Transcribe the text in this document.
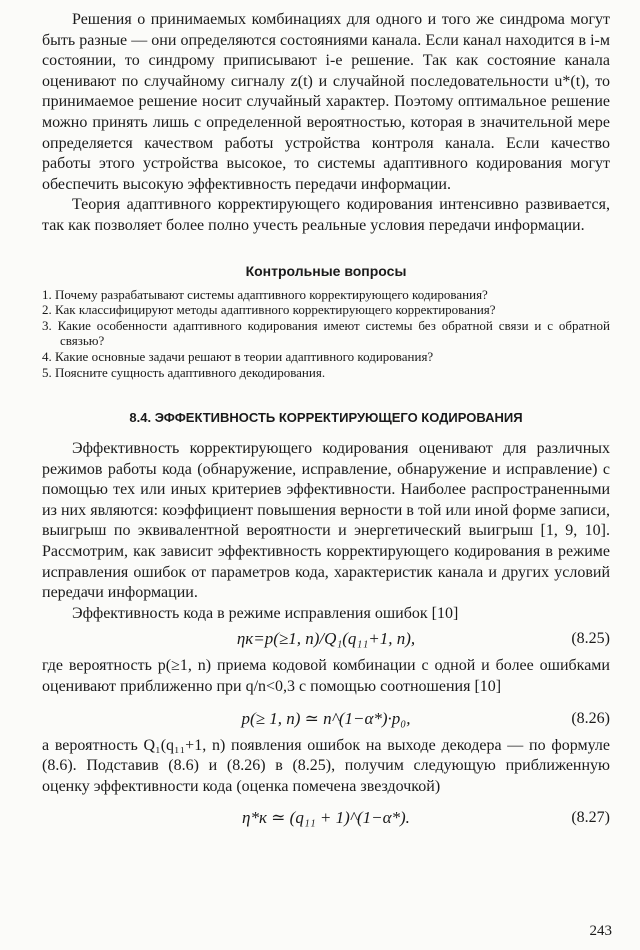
Решения о принимаемых комбинациях для одного и того же синдрома могут быть разные — они определяются состояниями канала. Если канал находится в i-м состоянии, то синдрому приписывают i-е решение. Так как состояние канала оценивают по случайному сигналу z(t) и случайной последовательности u*(t), то принимаемое решение носит случайный характер. Поэтому оптимальное решение можно принять лишь с определенной вероятностью, которая в значительной мере определяется качеством работы устройства контроля канала. Если качество работы этого устройства высокое, то системы адаптивного кодирования могут обеспечить высокую эффективность передачи информации.

Теория адаптивного корректирующего кодирования интенсивно развивается, так как позволяет более полно учесть реальные условия передачи информации.

Контрольные вопросы
1. Почему разрабатывают системы адаптивного корректирующего кодирования?
2. Как классифицируют методы адаптивного корректирующего корректирования?
3. Какие особенности адаптивного кодирования имеют системы без обратной связи и с обратной связью?
4. Какие основные задачи решают в теории адаптивного кодирования?
5. Поясните сущность адаптивного декодирования.
8.4. ЭФФЕКТИВНОСТЬ КОРРЕКТИРУЮЩЕГО КОДИРОВАНИЯ

Эффективность корректирующего кодирования оценивают для различных режимов работы кода (обнаружение, исправление, обнаружение и исправление) с помощью тех или иных критериев эффективности. Наиболее распространенными из них являются: коэффициент повышения верности в той или иной форме записи, выигрыш по эквивалентной вероятности и энергетический выигрыш [1, 9, 10]. Рассмотрим, как зависит эффективность корректирующего кодирования в режиме исправления ошибок от параметров кода, характеристик канала и других условий передачи информации.

Эффективность кода в режиме исправления ошибок [10]

ηк=p(≥1, n)/Q₁(q₁₁+1, n),	(8.25)

где вероятность p(≥1, n) приема кодовой комбинации с одной и более ошибками оценивают приближенно при q/n<0,3 с помощью соотношения [10]

p(≥ 1, n) ≃ n^(1−α*)·p₀,	(8.26)

а вероятность Q₁(q₁₁+1, n) появления ошибок на выходе декодера — по формуле (8.6). Подставив (8.6) и (8.26) в (8.25), получим следующую приближенную оценку эффективности кода (оценка помечена звездочкой)

η*к ≃ (q₁₁ + 1)^(1−α*).	(8.27)
243
